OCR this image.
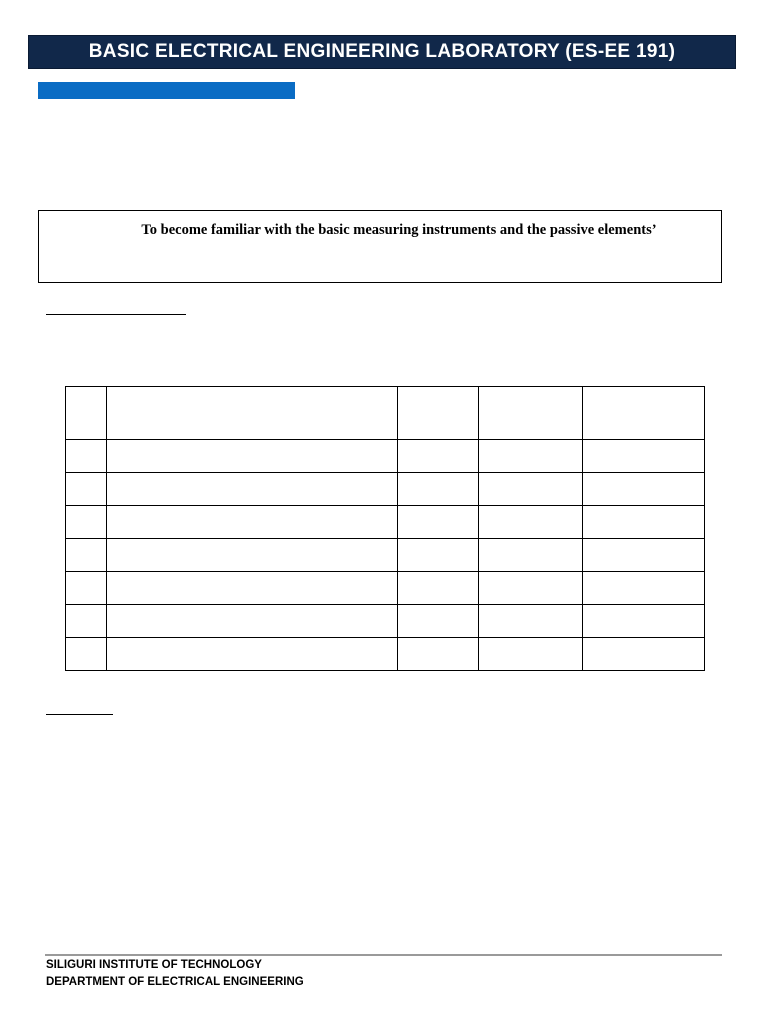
BASIC ELECTRICAL ENGINEERING LABORATORY (ES-EE 191)
To become familiar with the basic measuring instruments and the passive elements’

SILIGURI INSTITUTE OF TECHNOLOGY
DEPARTMENT OF ELECTRICAL ENGINEERING
